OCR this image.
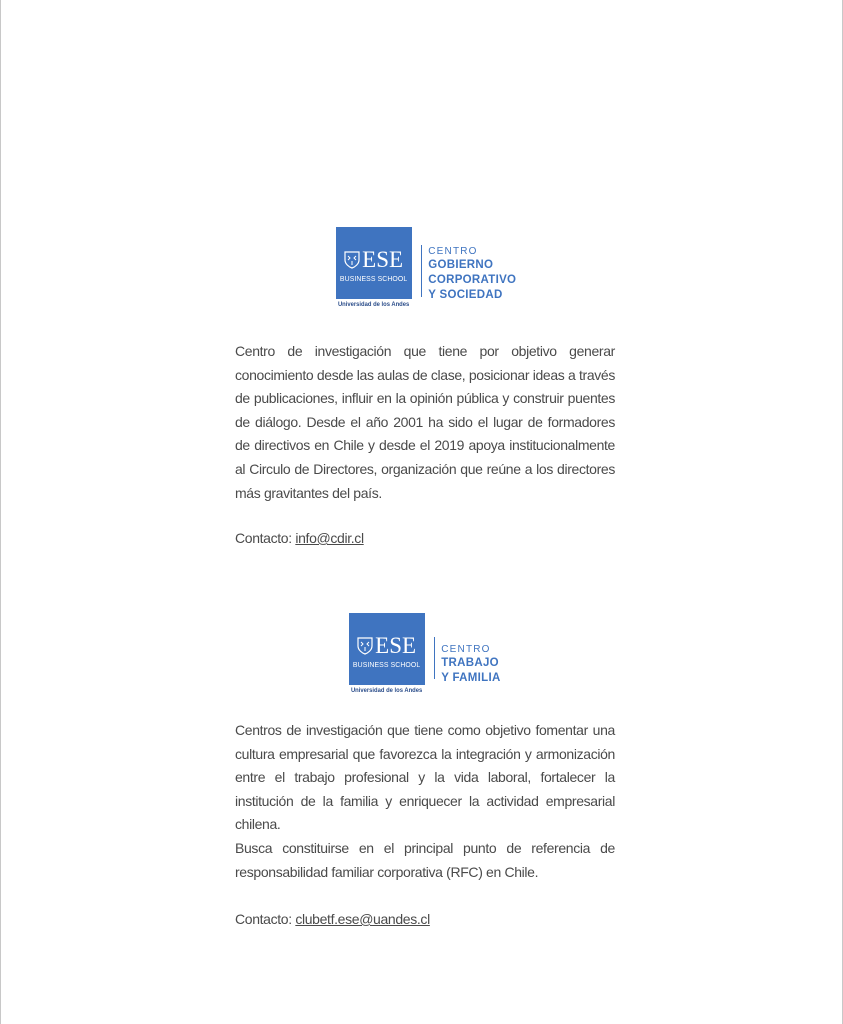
ESE
BUSINESS SCHOOL
Universidad de los Andes
CENTRO
GOBIERNO
CORPORATIVO
Y SOCIEDAD

Centro de investigación que tiene por objetivo generar conocimiento desde las aulas de clase, posicionar ideas a través de publicaciones, influir en la opinión pública y construir puentes de diálogo. Desde el año 2001 ha sido el lugar de formadores de directivos en Chile y desde el 2019 apoya institucionalmente al Circulo de Directores, organización que reúne a los directores más gravitantes del país.

Contacto: info@cdir.cl
ESE
BUSINESS SCHOOL
Universidad de los Andes
CENTRO
TRABAJO
Y FAMILIA

Centros de investigación que tiene como objetivo fomentar una cultura empresarial que favorezca la integración y armonización entre el trabajo profesional y la vida laboral, fortalecer la institución de la familia y enriquecer la actividad empresarial chilena.

Busca constituirse en el principal punto de referencia de responsabilidad familiar corporativa (RFC) en Chile.

Contacto: clubetf.ese@uandes.cl
